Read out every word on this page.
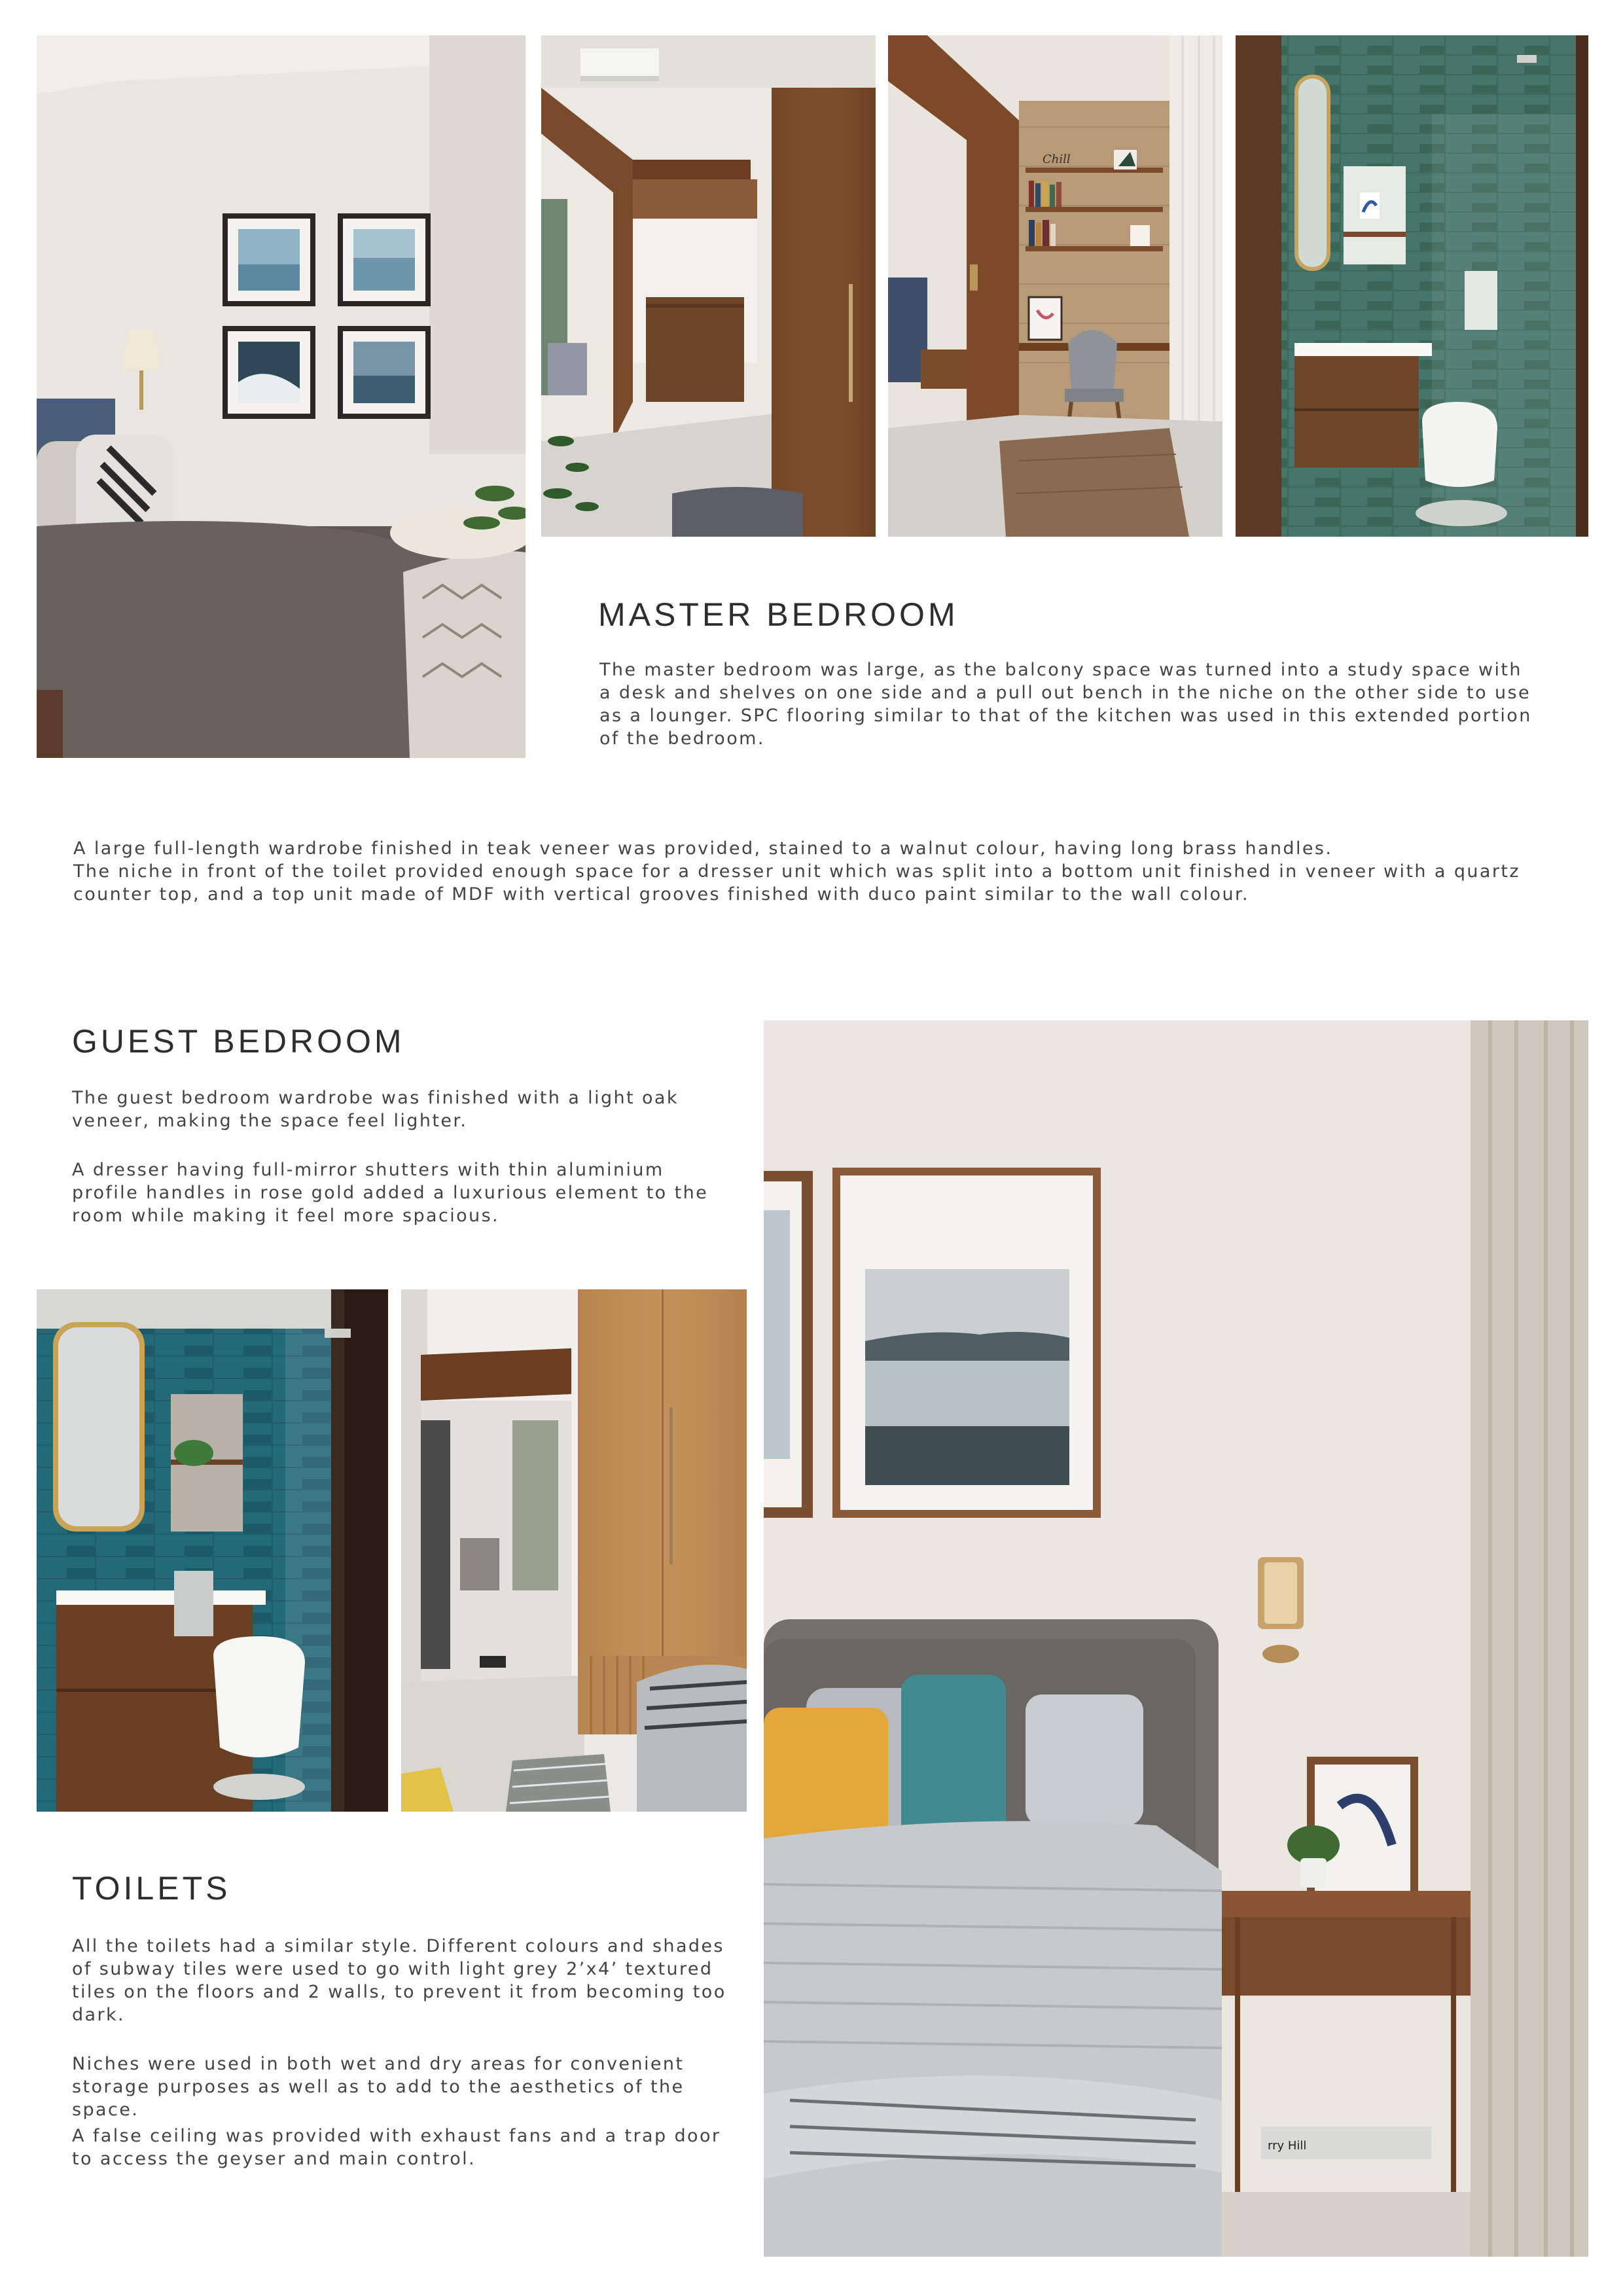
Chill
MASTER BEDROOM

The master bedroom was large, as the balcony space was turned into a study space with a desk and shelves on one side and a pull out bench in the niche on the other side to use as a lounger. SPC flooring similar to that of the kitchen was used in this extended portion of the bedroom.

A large full-length wardrobe finished in teak veneer was provided, stained to a walnut colour, having long brass handles.

The niche in front of the toilet provided enough space for a dresser unit which was split into a bottom unit finished in veneer with a quartz counter top, and a top unit made of MDF with vertical grooves finished with duco paint similar to the wall colour.

GUEST BEDROOM

The guest bedroom wardrobe was finished with a light oak veneer, making the space feel lighter.

A dresser having full-mirror shutters with thin aluminium profile handles in rose gold added a luxurious element to the room while making it feel more spacious.

rry Hill
TOILETS

All the toilets had a similar style. Different colours and shades of subway tiles were used to go with light grey 2’x4’ textured tiles on the floors and 2 walls, to prevent it from becoming too dark.

Niches were used in both wet and dry areas for convenient storage purposes as well as to add to the aesthetics of the space.

A false ceiling was provided with exhaust fans and a trap door to access the geyser and main control.
